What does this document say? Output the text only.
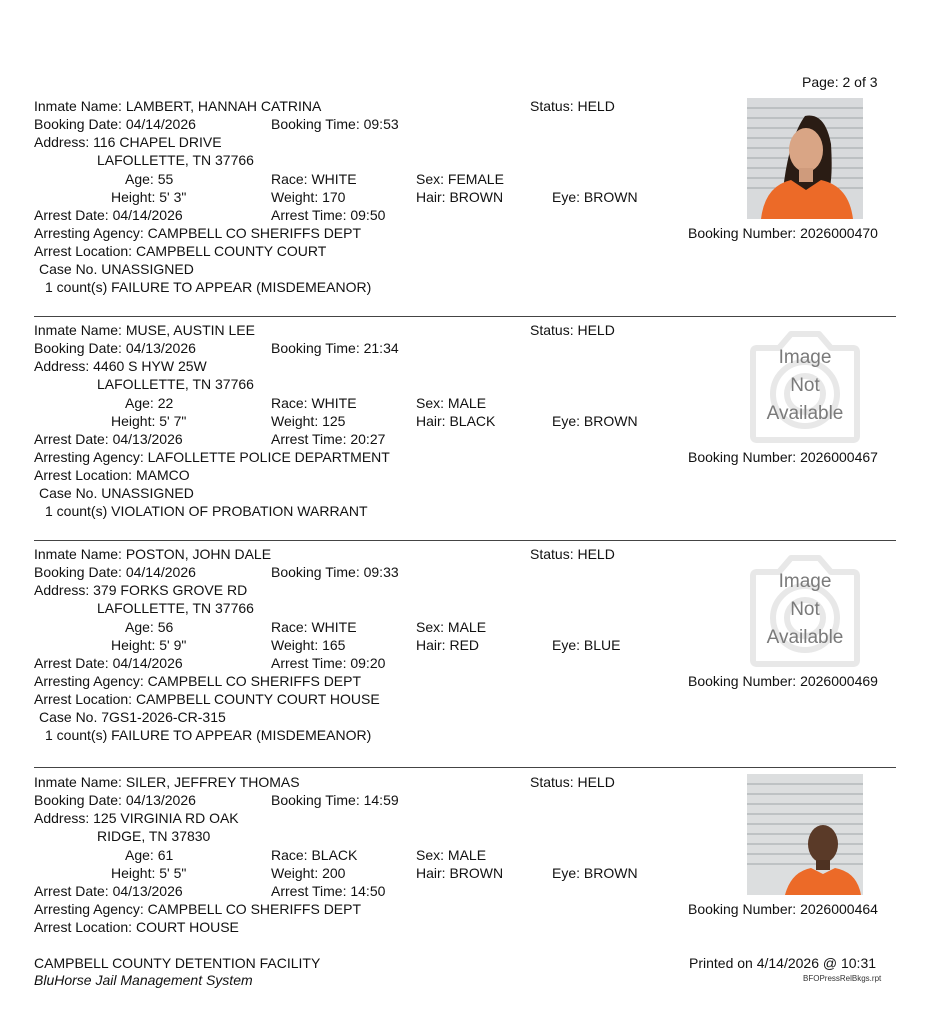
Page: 2 of 3
Inmate Name: LAMBERT, HANNAH CATRINA	Status: HELD
Booking Date: 04/14/2026	Booking Time: 09:53
Address: 116 CHAPEL DRIVE
LAFOLLETTE, TN 37766
Age: 55	Race: WHITE	Sex: FEMALE
Height: 5' 3"	Weight: 170	Hair: BROWN	Eye: BROWN
Arrest Date: 04/14/2026	Arrest Time: 09:50
Arresting Agency: CAMPBELL CO SHERIFFS DEPT
Arrest Location: CAMPBELL COUNTY COURT
Case No. UNASSIGNED
1 count(s) FAILURE TO APPEAR (MISDEMEANOR)
Booking Number: 2026000470
Inmate Name: MUSE, AUSTIN LEE	Status: HELD
Booking Date: 04/13/2026	Booking Time: 21:34
Address: 4460 S HYW 25W
LAFOLLETTE, TN 37766
Age: 22	Race: WHITE	Sex: MALE
Height: 5' 7"	Weight: 125	Hair: BLACK	Eye: BROWN
Arrest Date: 04/13/2026	Arrest Time: 20:27
Arresting Agency: LAFOLLETTE POLICE DEPARTMENT
Arrest Location: MAMCO
Case No. UNASSIGNED
1 count(s) VIOLATION OF PROBATION WARRANT
Booking Number: 2026000467
Image
Not
Available
Inmate Name: POSTON, JOHN DALE	Status: HELD
Booking Date: 04/14/2026	Booking Time: 09:33
Address: 379 FORKS GROVE RD
LAFOLLETTE, TN 37766
Age: 56	Race: WHITE	Sex: MALE
Height: 5' 9"	Weight: 165	Hair: RED	Eye: BLUE
Arrest Date: 04/14/2026	Arrest Time: 09:20
Arresting Agency: CAMPBELL CO SHERIFFS DEPT
Arrest Location: CAMPBELL COUNTY COURT HOUSE
Case No. 7GS1-2026-CR-315
1 count(s) FAILURE TO APPEAR (MISDEMEANOR)
Booking Number: 2026000469
Image
Not
Available
Inmate Name: SILER, JEFFREY THOMAS	Status: HELD
Booking Date: 04/13/2026	Booking Time: 14:59
Address: 125 VIRGINIA RD OAK
RIDGE, TN 37830
Age: 61	Race: BLACK	Sex: MALE
Height: 5' 5"	Weight: 200	Hair: BROWN	Eye: BROWN
Arrest Date: 04/13/2026	Arrest Time: 14:50
Arresting Agency: CAMPBELL CO SHERIFFS DEPT
Arrest Location: COURT HOUSE
Booking Number: 2026000464
CAMPBELL COUNTY DETENTION FACILITY
BluHorse Jail Management System
Printed on 4/14/2026 @ 10:31
BFOPressRelBkgs.rpt
